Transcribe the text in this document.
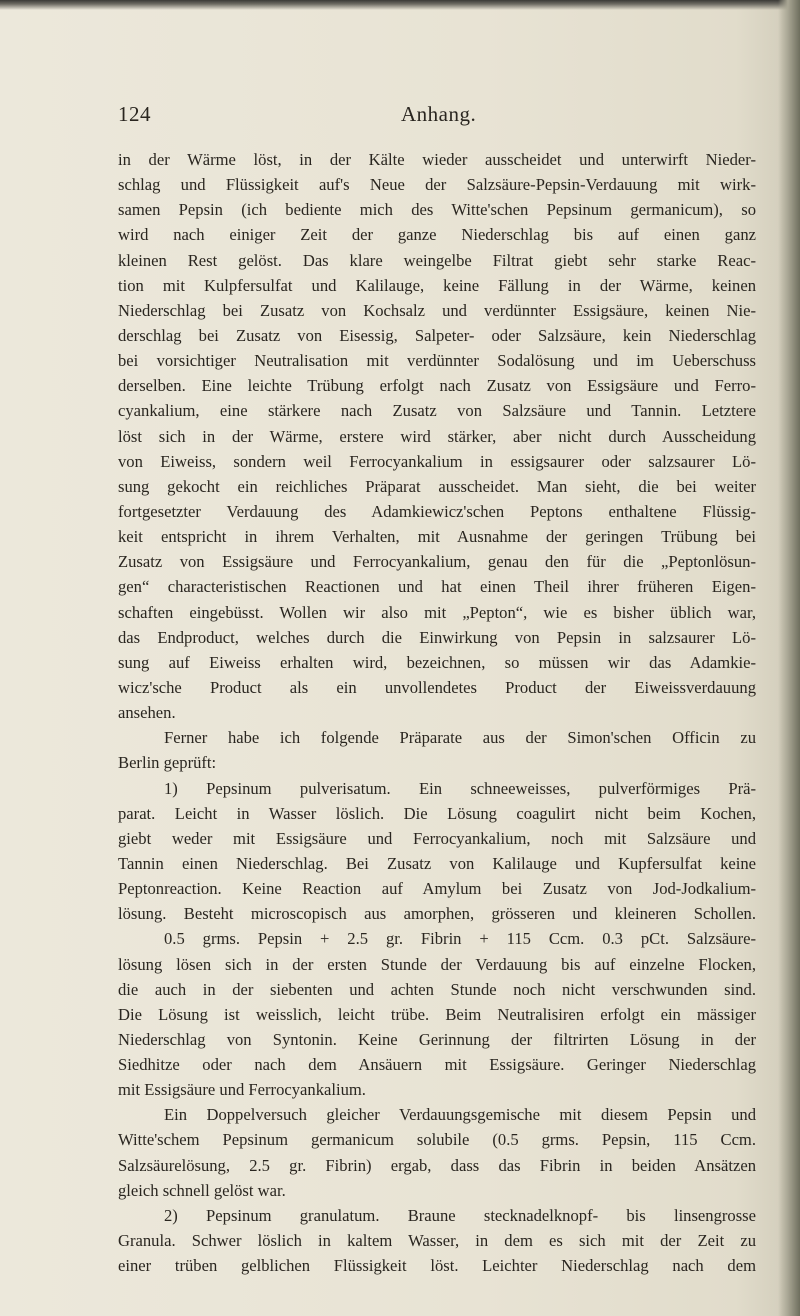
124	Anhang.
in der Wärme löst, in der Kälte wieder ausscheidet und unterwirft Nieder-
schlag und Flüssigkeit auf's Neue der Salzsäure-Pepsin-Verdauung mit wirk-
samen Pepsin (ich bediente mich des Witte'schen Pepsinum germanicum), so
wird nach einiger Zeit der ganze Niederschlag bis auf einen ganz
kleinen Rest gelöst. Das klare weingelbe Filtrat giebt sehr starke Reac-
tion mit Kulpfersulfat und Kalilauge, keine Fällung in der Wärme, keinen
Niederschlag bei Zusatz von Kochsalz und verdünnter Essigsäure, keinen Nie-
derschlag bei Zusatz von Eisessig, Salpeter- oder Salzsäure, kein Niederschlag
bei vorsichtiger Neutralisation mit verdünnter Sodalösung und im Ueberschuss
derselben. Eine leichte Trübung erfolgt nach Zusatz von Essigsäure und Ferro-
cyankalium, eine stärkere nach Zusatz von Salzsäure und Tannin. Letztere
löst sich in der Wärme, erstere wird stärker, aber nicht durch Ausscheidung
von Eiweiss, sondern weil Ferrocyankalium in essigsaurer oder salzsaurer Lö-
sung gekocht ein reichliches Präparat ausscheidet. Man sieht, die bei weiter
fortgesetzter Verdauung des Adamkiewicz'schen Peptons enthaltene Flüssig-
keit entspricht in ihrem Verhalten, mit Ausnahme der geringen Trübung bei
Zusatz von Essigsäure und Ferrocyankalium, genau den für die „Peptonlösun-
gen“ characteristischen Reactionen und hat einen Theil ihrer früheren Eigen-
schaften eingebüsst. Wollen wir also mit „Pepton“, wie es bisher üblich war,
das Endproduct, welches durch die Einwirkung von Pepsin in salzsaurer Lö-
sung auf Eiweiss erhalten wird, bezeichnen, so müssen wir das Adamkie-
wicz'sche Product als ein unvollendetes Product der Eiweissverdauung
ansehen.
Ferner habe ich folgende Präparate aus der Simon'schen Officin zu
Berlin geprüft:
1) Pepsinum pulverisatum. Ein schneeweisses, pulverförmiges Prä-
parat. Leicht in Wasser löslich. Die Lösung coagulirt nicht beim Kochen,
giebt weder mit Essigsäure und Ferrocyankalium, noch mit Salzsäure und
Tannin einen Niederschlag. Bei Zusatz von Kalilauge und Kupfersulfat keine
Peptonreaction. Keine Reaction auf Amylum bei Zusatz von Jod-Jodkalium-
lösung. Besteht microscopisch aus amorphen, grösseren und kleineren Schollen.
0.5 grms. Pepsin + 2.5 gr. Fibrin + 115 Ccm. 0.3 pCt. Salzsäure-
lösung lösen sich in der ersten Stunde der Verdauung bis auf einzelne Flocken,
die auch in der siebenten und achten Stunde noch nicht verschwunden sind.
Die Lösung ist weisslich, leicht trübe. Beim Neutralisiren erfolgt ein mässiger
Niederschlag von Syntonin. Keine Gerinnung der filtrirten Lösung in der
Siedhitze oder nach dem Ansäuern mit Essigsäure. Geringer Niederschlag
mit Essigsäure und Ferrocyankalium.
Ein Doppelversuch gleicher Verdauungsgemische mit diesem Pepsin und
Witte'schem Pepsinum germanicum solubile (0.5 grms. Pepsin, 115 Ccm.
Salzsäurelösung, 2.5 gr. Fibrin) ergab, dass das Fibrin in beiden Ansätzen
gleich schnell gelöst war.
2) Pepsinum granulatum. Braune stecknadelknopf- bis linsengrosse
Granula. Schwer löslich in kaltem Wasser, in dem es sich mit der Zeit zu
einer trüben gelblichen Flüssigkeit löst. Leichter Niederschlag nach dem
